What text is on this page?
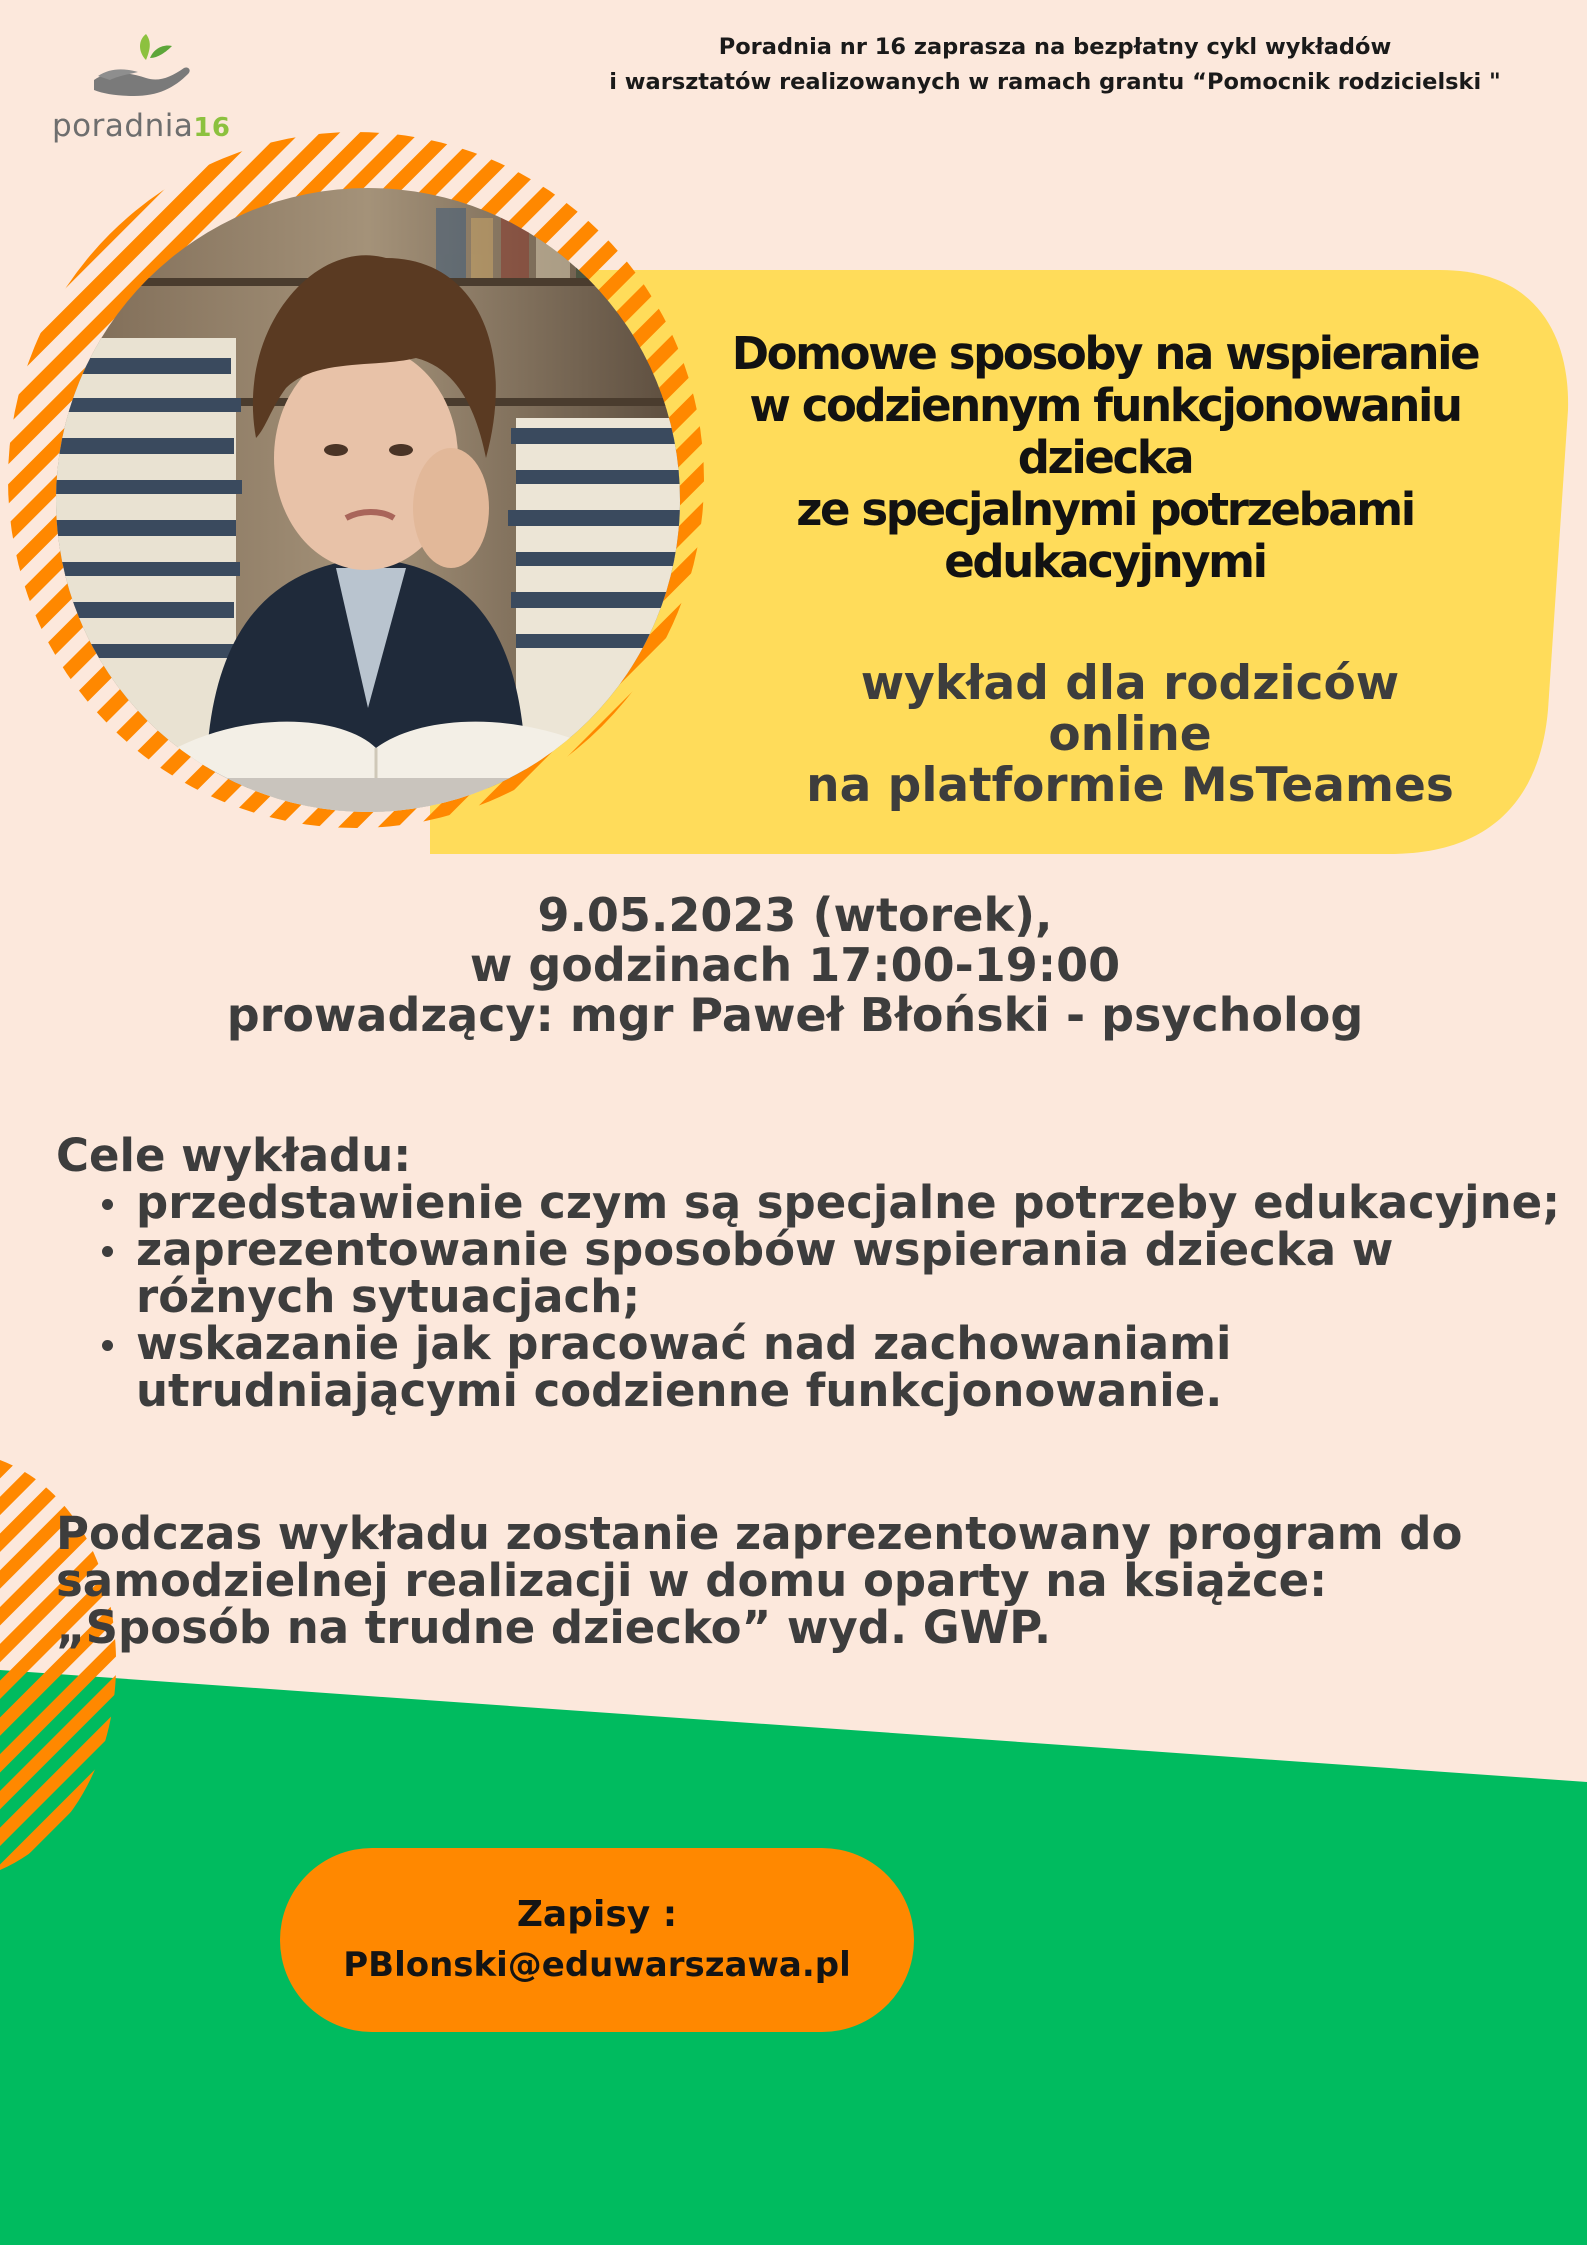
poradnia16
Poradnia nr 16 zaprasza na bezpłatny cykl wykładów
i warsztatów realizowanych w ramach grantu “Pomocnik rodzicielski "
Domowe sposoby na wspieranie
w codziennym funkcjonowaniu
dziecka
ze specjalnymi potrzebami
edukacyjnymi
wykład dla rodziców
online
na platformie MsTeames
9.05.2023 (wtorek),
w godzinach 17:00-19:00
prowadzący: mgr Paweł Błoński - psycholog
Cele wykładu:
przedstawienie czym są specjalne potrzeby edukacyjne;
zaprezentowanie sposobów wspierania dziecka w różnych sytuacjach;
wskazanie jak pracować nad zachowaniami utrudniającymi codzienne funkcjonowanie.
Podczas wykładu zostanie zaprezentowany program do samodzielnej realizacji w domu oparty na książce: „Sposób na trudne dziecko” wyd. GWP.
Zapisy :
PBlonski@eduwarszawa.pl
